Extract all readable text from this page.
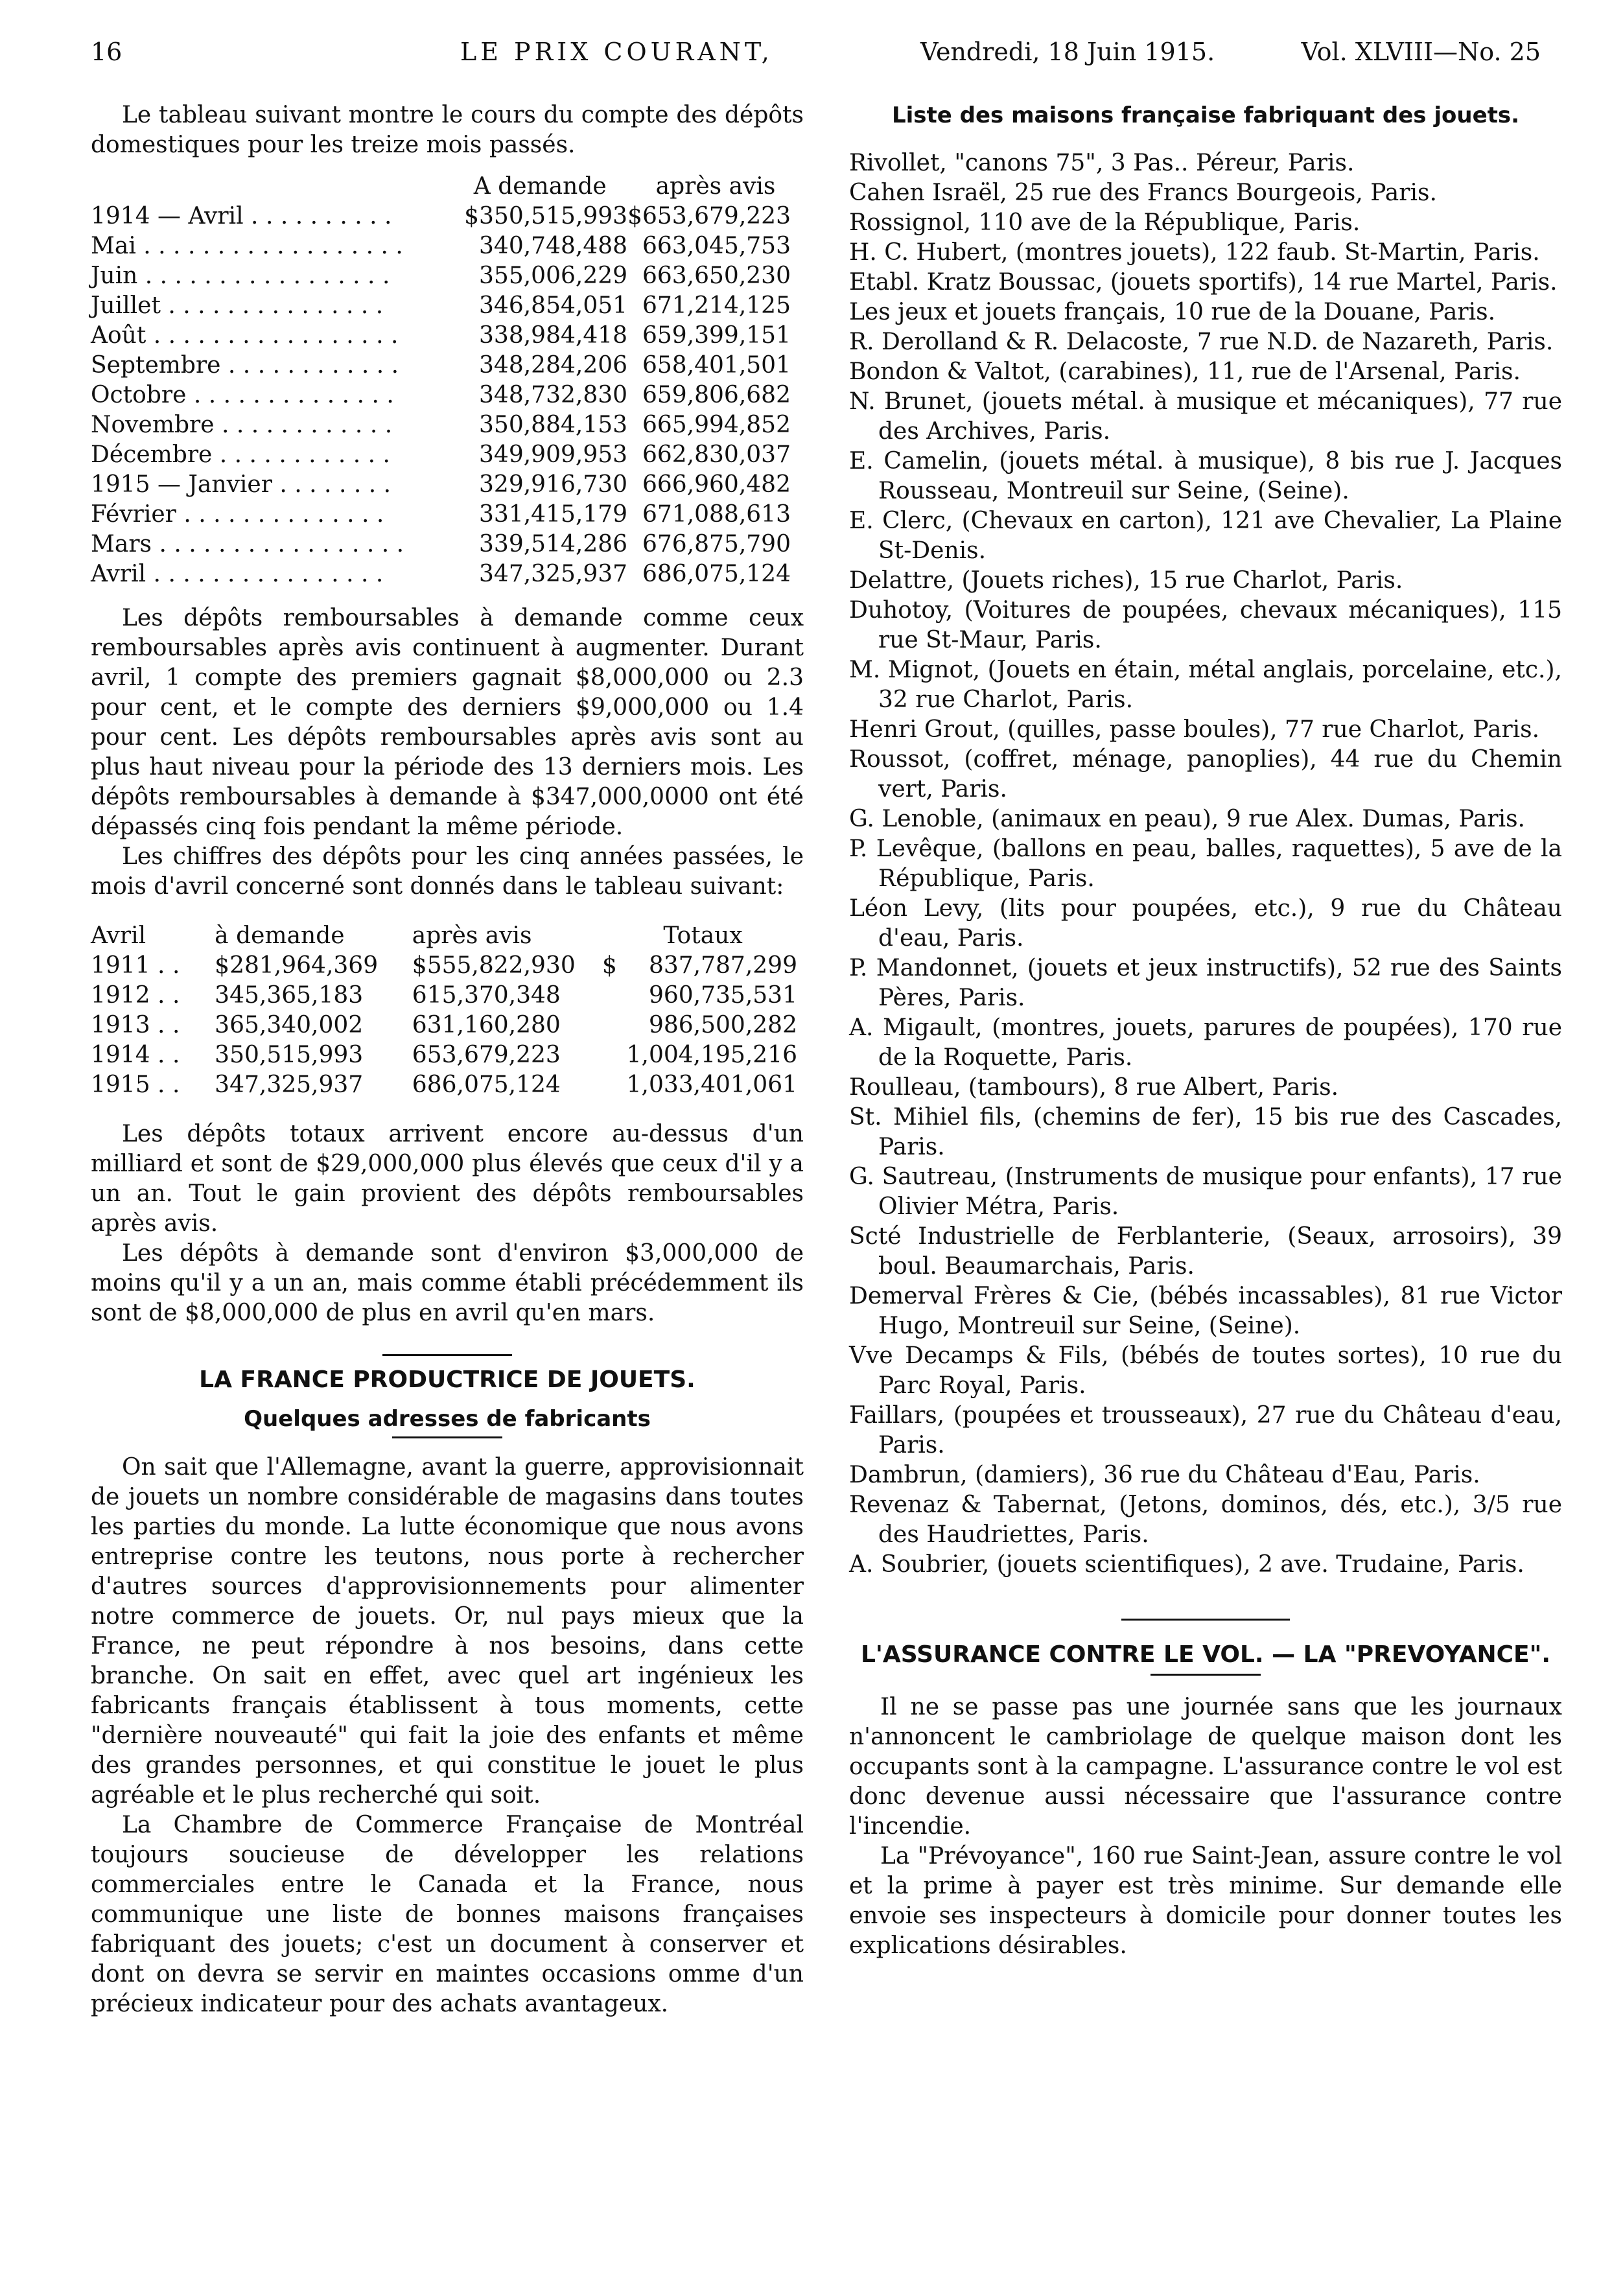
16	LE PRIX COURANT,	Vendredi, 18 Juin 1915.	Vol. XLVIII—No. 25

Le tableau suivant montre le cours du compte des dépôts domestiques pour les treize mois passés.

	A demande	après avis
1914 — Avril . . . . . . . . . .	$350,515,993	$653,679,223
Mai . . . . . . . . . . . . . . . . . .	340,748,488	663,045,753
Juin . . . . . . . . . . . . . . . . .	355,006,229	663,650,230
Juillet . . . . . . . . . . . . . . .	346,854,051	671,214,125
Août . . . . . . . . . . . . . . . . .	338,984,418	659,399,151
Septembre . . . . . . . . . . . .	348,284,206	658,401,501
Octobre . . . . . . . . . . . . . .	348,732,830	659,806,682
Novembre . . . . . . . . . . . .	350,884,153	665,994,852
Décembre . . . . . . . . . . . .	349,909,953	662,830,037
1915 — Janvier . . . . . . . .	329,916,730	666,960,482
Février . . . . . . . . . . . . . .	331,415,179	671,088,613
Mars . . . . . . . . . . . . . . . . .	339,514,286	676,875,790
Avril . . . . . . . . . . . . . . . .	347,325,937	686,075,124

Les dépôts remboursables à demande comme ceux remboursables après avis continuent à augmenter. Durant avril, 1 compte des premiers gagnait $8,000,000 ou 2.3 pour cent, et le compte des derniers $9,000,000 ou 1.4 pour cent. Les dépôts remboursables après avis sont au plus haut niveau pour la période des 13 derniers mois. Les dépôts remboursables à demande à $347,000,0000 ont été dépassés cinq fois pendant la même période.

Les chiffres des dépôts pour les cinq années passées, le mois d'avril concerné sont donnés dans le tableau suivant:

Avril	à demande	après avis	Totaux	
1911 . .	$281,964,369	$555,822,930	$	837,787,299
1912 . .	345,365,183	615,370,348		960,735,531
1913 . .	365,340,002	631,160,280		986,500,282
1914 . .	350,515,993	653,679,223		1,004,195,216
1915 . .	347,325,937	686,075,124		1,033,401,061

Les dépôts totaux arrivent encore au-dessus d'un milliard et sont de $29,000,000 plus élevés que ceux d'il y a un an. Tout le gain provient des dépôts remboursables après avis.

Les dépôts à demande sont d'environ $3,000,000 de moins qu'il y a un an, mais comme établi précédemment ils sont de $8,000,000 de plus en avril qu'en mars.

LA FRANCE PRODUCTRICE DE JOUETS.

Quelques adresses de fabricants

On sait que l'Allemagne, avant la guerre, approvisionnait de jouets un nombre considérable de magasins dans toutes les parties du monde. La lutte économique que nous avons entreprise contre les teutons, nous porte à rechercher d'autres sources d'approvisionnements pour alimenter notre commerce de jouets. Or, nul pays mieux que la France, ne peut répondre à nos besoins, dans cette branche. On sait en effet, avec quel art ingénieux les fabricants français établissent à tous moments, cette "dernière nouveauté" qui fait la joie des enfants et même des grandes personnes, et qui constitue le jouet le plus agréable et le plus recherché qui soit.

La Chambre de Commerce Française de Montréal toujours soucieuse de développer les relations commerciales entre le Canada et la France, nous communique une liste de bonnes maisons françaises fabriquant des jouets; c'est un document à conserver et dont on devra se servir en maintes occasions omme d'un précieux indicateur pour des achats avantageux.

Liste des maisons française fabriquant des jouets.

Rivollet, "canons 75", 3 Pas.. Péreur, Paris.

Cahen Israël, 25 rue des Francs Bourgeois, Paris.

Rossignol, 110 ave de la République, Paris.

H. C. Hubert, (montres jouets), 122 faub. St-Martin, Paris.

Etabl. Kratz Boussac, (jouets sportifs), 14 rue Martel, Paris.

Les jeux et jouets français, 10 rue de la Douane, Paris.

R. Derolland & R. Delacoste, 7 rue N.D. de Nazareth, Paris.

Bondon & Valtot, (carabines), 11, rue de l'Arsenal, Paris.

N. Brunet, (jouets métal. à musique et mécaniques), 77 rue des Archives, Paris.

E. Camelin, (jouets métal. à musique), 8 bis rue J. Jacques Rousseau, Montreuil sur Seine, (Seine).

E. Clerc, (Chevaux en carton), 121 ave Chevalier, La Plaine St-Denis.

Delattre, (Jouets riches), 15 rue Charlot, Paris.

Duhotoy, (Voitures de poupées, chevaux mécaniques), 115 rue St-Maur, Paris.

M. Mignot, (Jouets en étain, métal anglais, porcelaine, etc.), 32 rue Charlot, Paris.

Henri Grout, (quilles, passe boules), 77 rue Charlot, Paris.

Roussot, (coffret, ménage, panoplies), 44 rue du Chemin vert, Paris.

G. Lenoble, (animaux en peau), 9 rue Alex. Dumas, Paris.

P. Levêque, (ballons en peau, balles, raquettes), 5 ave de la République, Paris.

Léon Levy, (lits pour poupées, etc.), 9 rue du Château d'eau, Paris.

P. Mandonnet, (jouets et jeux instructifs), 52 rue des Saints Pères, Paris.

A. Migault, (montres, jouets, parures de poupées), 170 rue de la Roquette, Paris.

Roulleau, (tambours), 8 rue Albert, Paris.

St. Mihiel fils, (chemins de fer), 15 bis rue des Cascades, Paris.

G. Sautreau, (Instruments de musique pour enfants), 17 rue Olivier Métra, Paris.

Scté Industrielle de Ferblanterie, (Seaux, arrosoirs), 39 boul. Beaumarchais, Paris.

Demerval Frères & Cie, (bébés incassables), 81 rue Victor Hugo, Montreuil sur Seine, (Seine).

Vve Decamps & Fils, (bébés de toutes sortes), 10 rue du Parc Royal, Paris.

Faillars, (poupées et trousseaux), 27 rue du Château d'eau, Paris.

Dambrun, (damiers), 36 rue du Château d'Eau, Paris.

Revenaz & Tabernat, (Jetons, dominos, dés, etc.), 3/5 rue des Haudriettes, Paris.

A. Soubrier, (jouets scientifiques), 2 ave. Trudaine, Paris.

L'ASSURANCE CONTRE LE VOL. — LA "PREVOYANCE".

Il ne se passe pas une journée sans que les journaux n'annoncent le cambriolage de quelque maison dont les occupants sont à la campagne. L'assurance contre le vol est donc devenue aussi nécessaire que l'assurance contre l'incendie.

La "Prévoyance", 160 rue Saint-Jean, assure contre le vol et la prime à payer est très minime. Sur demande elle envoie ses inspecteurs à domicile pour donner toutes les explications désirables.
